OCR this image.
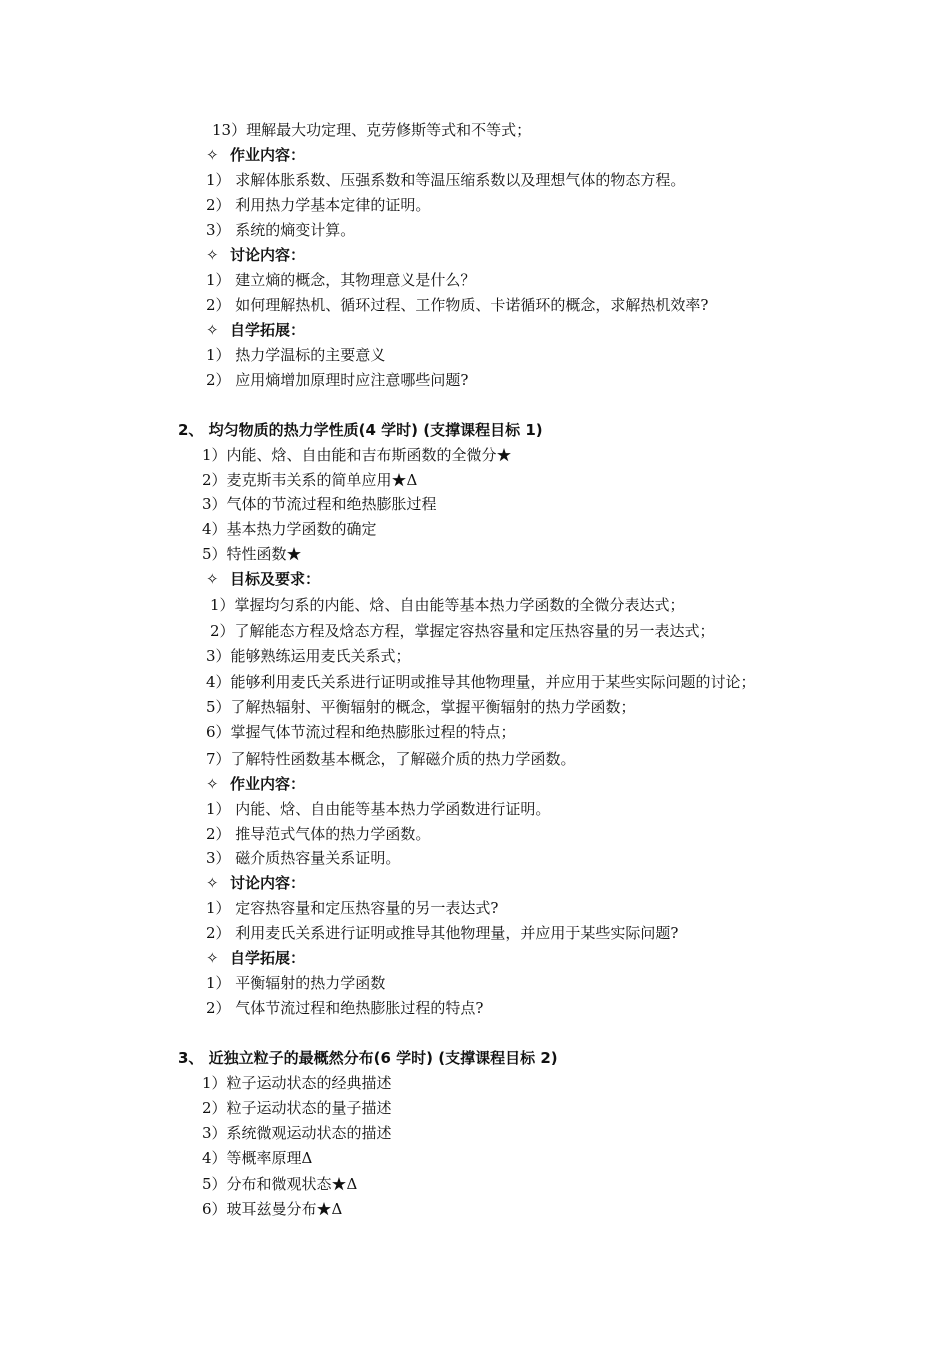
13）理解最大功定理、克劳修斯等式和不等式；
✧ 作业内容：
1） 求解体胀系数、压强系数和等温压缩系数以及理想气体的物态方程。
2） 利用热力学基本定律的证明。
3） 系统的熵变计算。
✧ 讨论内容：
1） 建立熵的概念，其物理意义是什么？
2） 如何理解热机、循环过程、工作物质、卡诺循环的概念，求解热机效率?
✧ 自学拓展：
1） 热力学温标的主要意义
2） 应用熵增加原理时应注意哪些问题?
2、 均匀物质的热力学性质(4 学时) (支撑课程目标 1)
1）内能、焓、自由能和吉布斯函数的全微分★
2）麦克斯韦关系的简单应用★Δ
3）气体的节流过程和绝热膨胀过程
4）基本热力学函数的确定
5）特性函数★
✧ 目标及要求：
1）掌握均匀系的内能、焓、自由能等基本热力学函数的全微分表达式；
2）了解能态方程及焓态方程，掌握定容热容量和定压热容量的另一表达式；
3）能够熟练运用麦氏关系式；
4）能够利用麦氏关系进行证明或推导其他物理量，并应用于某些实际问题的讨论；
5）了解热辐射、平衡辐射的概念，掌握平衡辐射的热力学函数；
6）掌握气体节流过程和绝热膨胀过程的特点；
7）了解特性函数基本概念，了解磁介质的热力学函数。
✧ 作业内容：
1） 内能、焓、自由能等基本热力学函数进行证明。
2） 推导范式气体的热力学函数。
3） 磁介质热容量关系证明。
✧ 讨论内容：
1） 定容热容量和定压热容量的另一表达式?
2） 利用麦氏关系进行证明或推导其他物理量，并应用于某些实际问题?
✧ 自学拓展：
1） 平衡辐射的热力学函数
2） 气体节流过程和绝热膨胀过程的特点?
3、 近独立粒子的最概然分布(6 学时) (支撑课程目标 2)
1）粒子运动状态的经典描述
2）粒子运动状态的量子描述
3）系统微观运动状态的描述
4）等概率原理Δ
5）分布和微观状态★Δ
6）玻耳兹曼分布★Δ
